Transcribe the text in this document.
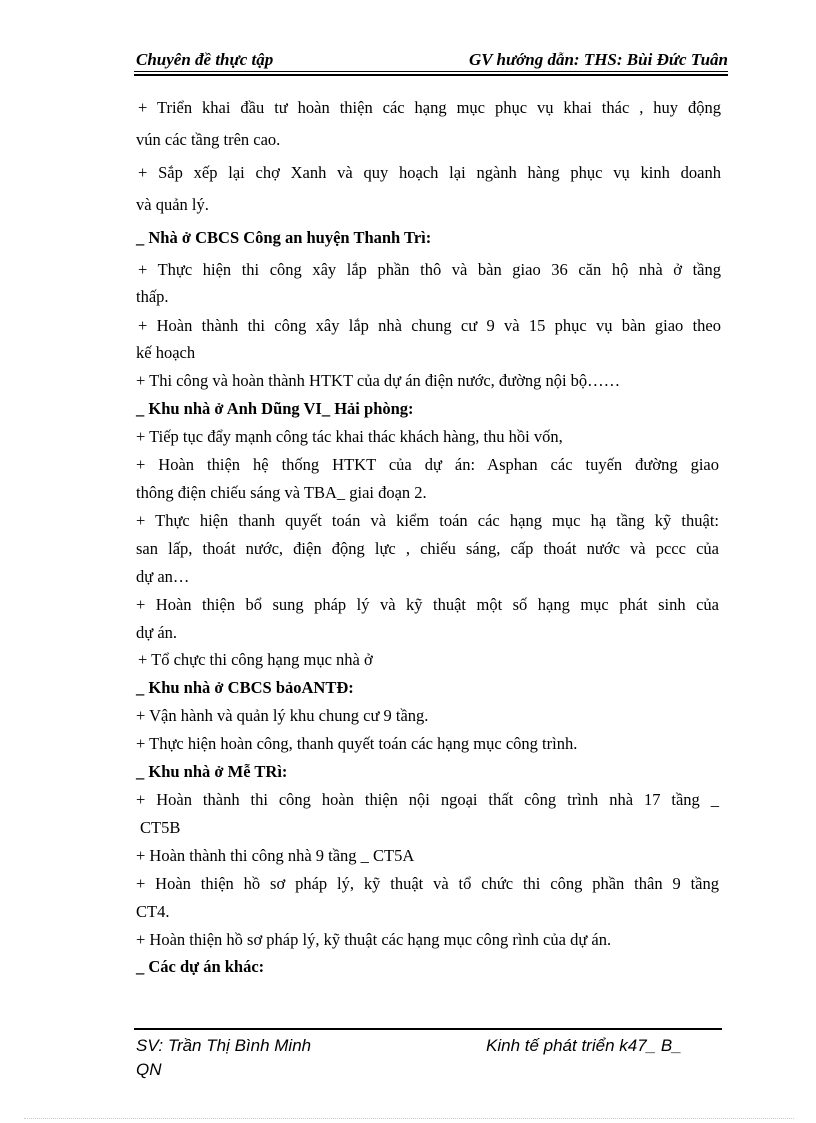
Chuyên đề thực tập	GV hướng dẫn: THS: Bùi Đức Tuân
+ Triển khai đầu tư hoàn thiện các hạng mục phục vụ khai thác , huy động
vún các tầng trên cao.
+ Sắp xếp lại chợ Xanh và quy hoạch lại ngành hàng phục vụ kinh doanh
và quản lý.
_ Nhà ở CBCS Công an huyện Thanh Trì:
+ Thực hiện thi công xây lắp phần thô và bàn giao 36 căn hộ nhà ở tầng
thấp.
+ Hoàn thành thi công xây lắp nhà chung cư 9 và 15 phục vụ bàn giao theo
kế hoạch
+ Thi công và hoàn thành HTKT của dự án điện nước, đường nội bộ……
_ Khu nhà ở Anh Dũng VI_ Hải phòng:
+ Tiếp tục đẩy mạnh công tác khai thác khách hàng, thu hồi vốn,
+ Hoàn thiện hệ thống HTKT của dự án: Asphan các tuyến đường giao
thông điện chiếu sáng và TBA_ giai đoạn 2.
+ Thực hiện thanh quyết toán và kiểm toán các hạng mục hạ tầng kỹ thuật:
san lấp, thoát nước, điện động lực , chiếu sáng, cấp thoát nước và pccc của
dự an…
+ Hoàn thiện bổ sung pháp lý và kỹ thuật một số hạng mục phát sinh của
dự án.
+ Tổ chực thi công hạng mục nhà ở
_ Khu nhà ở CBCS bảoANTĐ:
+ Vận hành và quản lý khu chung cư 9 tầng.
+ Thực hiện hoàn công, thanh quyết toán các hạng mục công trình.
_ Khu nhà ở Mễ TRì:
+ Hoàn thành thi công hoàn thiện nội ngoại thất công trình nhà 17 tầng _
CT5B
+ Hoàn thành thi công nhà 9 tầng _ CT5A
+ Hoàn thiện hồ sơ pháp lý, kỹ thuật và tổ chức thi công phần thân 9 tầng
CT4.
+ Hoàn thiện hồ sơ pháp lý, kỹ thuật các hạng mục công rình của dự án.
_ Các dự án khác:
SV: Trần Thị Bình Minh QN
Kinh tế phát triển k47_ B_
